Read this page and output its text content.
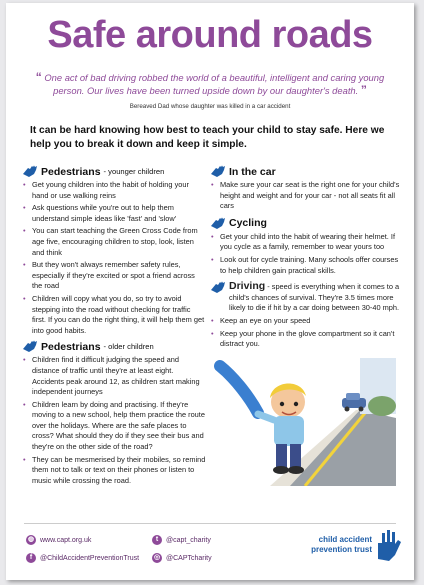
Safe around roads
“ One act of bad driving robbed the world of a beautiful, intelligent and caring young person. Our lives have been turned upside down by our daughter's death. ”
Bereaved Dad whose daughter was killed in a car accident
It can be hard knowing how best to teach your child to stay safe. Here we help you to break it down and keep it simple.
Pedestrians - younger children
• Get young children into the habit of holding your hand or use walking reins
• Ask questions while you're out to help them understand simple ideas like 'fast' and 'slow'
• You can start teaching the Green Cross Code from age five, encouraging children to stop, look, listen and think
• But they won't always remember safety rules, especially if they're excited or spot a friend across the road
• Children will copy what you do, so try to avoid stepping into the road without checking for traffic first. If you can do the right thing, it will help them get into good habits.
Pedestrians - older children
• Children find it difficult judging the speed and distance of traffic until they're at least eight. Accidents peak around 12, as children start making independent journeys
• Children learn by doing and practising. If they're moving to a new school, help them practice the route over the holidays. Where are the safe places to cross? What should they do if they see their bus and they're on the other side of the road?
• They can be mesmerised by their mobiles, so remind them not to talk or text on their phones or listen to music while crossing the road.
In the car
• Make sure your car seat is the right one for your child's height and weight and for your car - not all seats fit all cars
Cycling
• Get your child into the habit of wearing their helmet. If you cycle as a family, remember to wear yours too
• Look out for cycle training. Many schools offer courses to help children gain practical skills.
Driving - speed is everything when it comes to a child's chances of survival. They're 3.5 times more likely to die if hit by a car doing between 30-40 mph.
• Keep an eye on your speed
• Keep your phone in the glove compartment so it can't distract you.
◍ www.capt.org.uk	t	@capt_charity
f	@ChildAccidentPreventionTrust ◎ @CAPTcharity
child accident
prevention trust
